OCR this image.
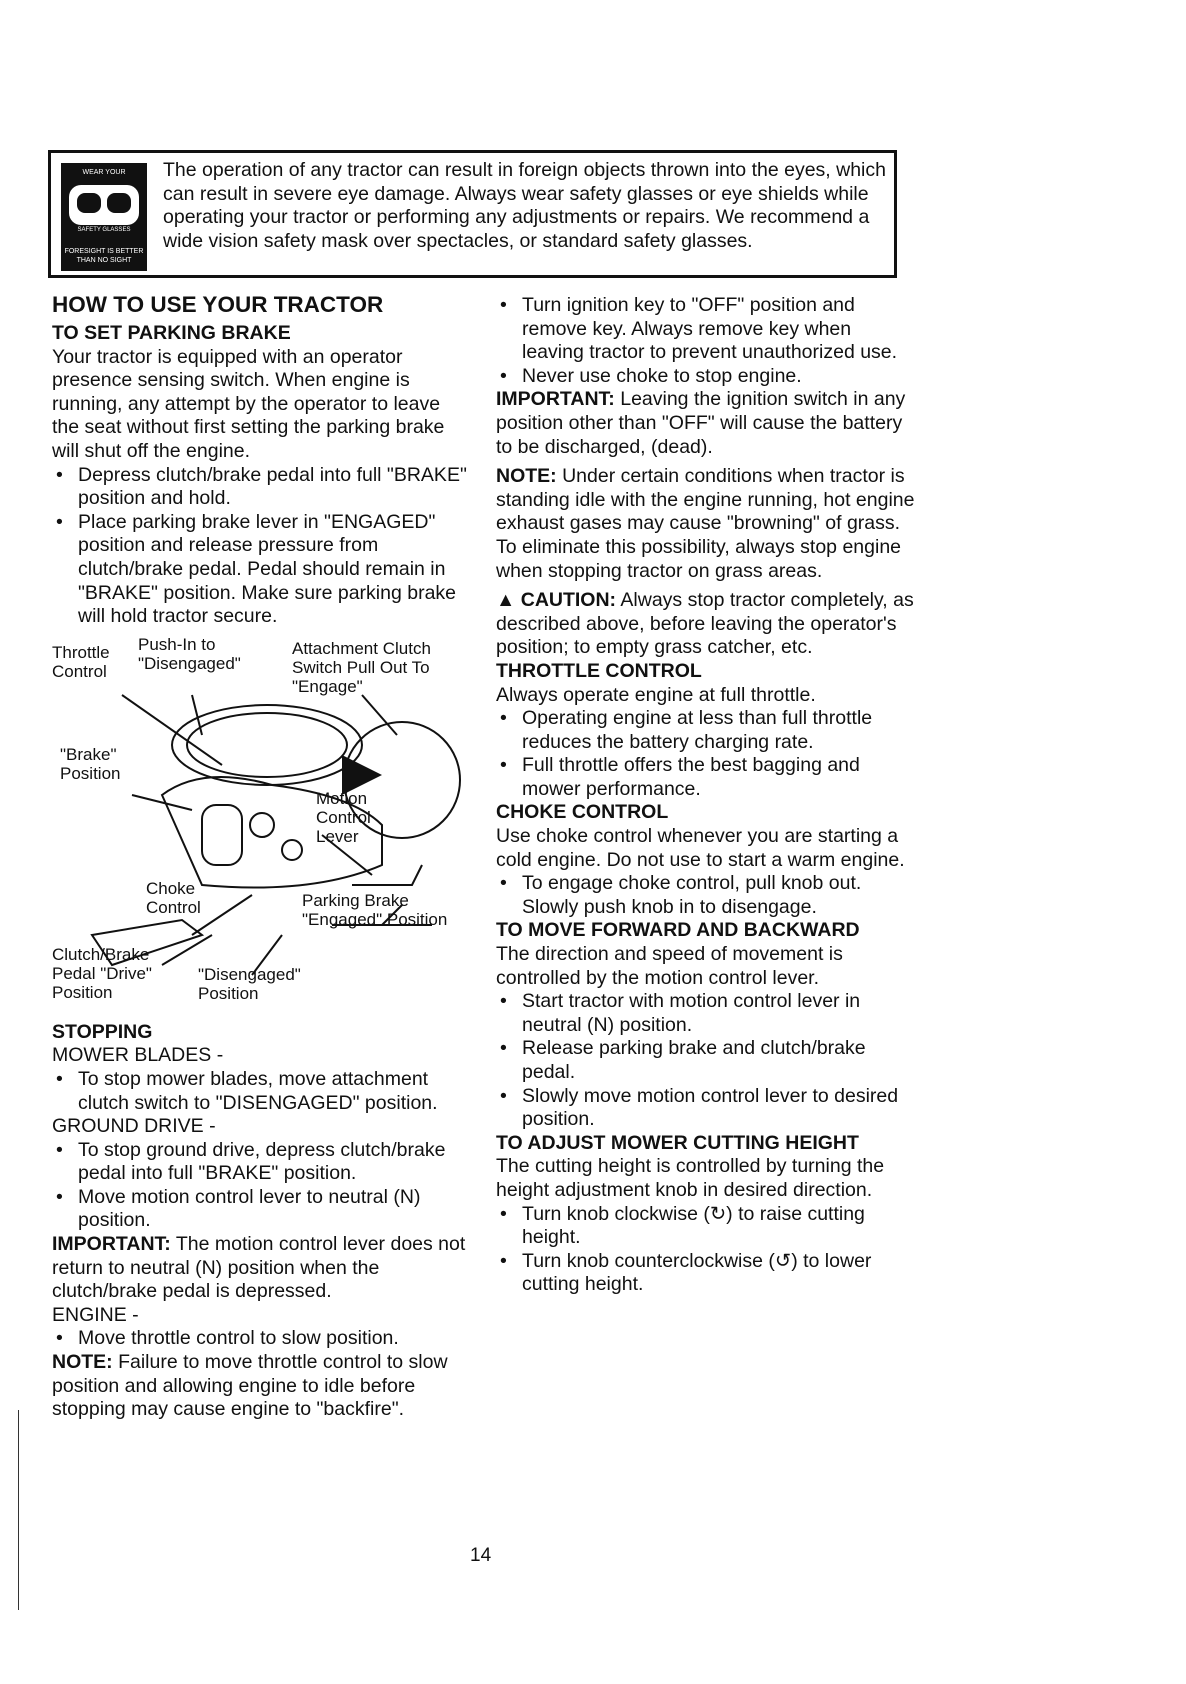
WEAR YOUR
SAFETY GLASSES
FORESIGHT IS BETTER THAN NO SIGHT
The operation of any tractor can result in foreign objects thrown into the eyes, which can result in severe eye damage. Always wear safety glasses or eye shields while operating your tractor or performing any adjustments or repairs. We recommend a wide vision safety mask over spectacles, or standard safety glasses.
HOW TO USE YOUR TRACTOR

TO SET PARKING BRAKE

Your tractor is equipped with an operator presence sensing switch. When engine is running, any attempt by the operator to leave the seat without first setting the parking brake will shut off the engine.

• Depress clutch/brake pedal into full "BRAKE" position and hold.
• Place parking brake lever in "ENGAGED" position and release pressure from clutch/brake pedal. Pedal should remain in "BRAKE" position. Make sure parking brake will hold tractor secure.
Throttle Control
Push-In to "Disengaged"
Attachment Clutch Switch Pull Out To "Engage"
"Brake" Position
Motion Control Lever
Choke Control	Parking Brake "Engaged" Position
Clutch/Brake Pedal "Drive" Position
"Disengaged" Position

STOPPING

MOWER BLADES -

• To stop mower blades, move attachment clutch switch to "DISENGAGED" position.

GROUND DRIVE -

• To stop ground drive, depress clutch/brake pedal into full "BRAKE" position.
• Move motion control lever to neutral (N) position.

IMPORTANT: The motion control lever does not return to neutral (N) position when the clutch/brake pedal is depressed.

ENGINE -

• Move throttle control to slow position.

NOTE: Failure to move throttle control to slow position and allowing engine to idle before stopping may cause engine to "backfire".

• Turn ignition key to "OFF" position and remove key. Always remove key when leaving tractor to prevent unauthorized use.
• Never use choke to stop engine.

IMPORTANT: Leaving the ignition switch in any position other than "OFF" will cause the battery to be discharged, (dead).

NOTE: Under certain conditions when tractor is standing idle with the engine running, hot engine exhaust gases may cause "browning" of grass. To eliminate this possibility, always stop engine when stopping tractor on grass areas.

▲ CAUTION: Always stop tractor completely, as described above, before leaving the operator's position; to empty grass catcher, etc.

THROTTLE CONTROL

Always operate engine at full throttle.

• Operating engine at less than full throttle reduces the battery charging rate.
• Full throttle offers the best bagging and mower performance.

CHOKE CONTROL

Use choke control whenever you are starting a cold engine. Do not use to start a warm engine.

• To engage choke control, pull knob out. Slowly push knob in to disengage.

TO MOVE FORWARD AND BACKWARD

The direction and speed of movement is controlled by the motion control lever.

• Start tractor with motion control lever in neutral (N) position.
• Release parking brake and clutch/brake pedal.
• Slowly move motion control lever to desired position.

TO ADJUST MOWER CUTTING HEIGHT

The cutting height is controlled by turning the height adjustment knob in desired direction.

• Turn knob clockwise (↻) to raise cutting height.
• Turn knob counterclockwise (↺) to lower cutting height.
14
